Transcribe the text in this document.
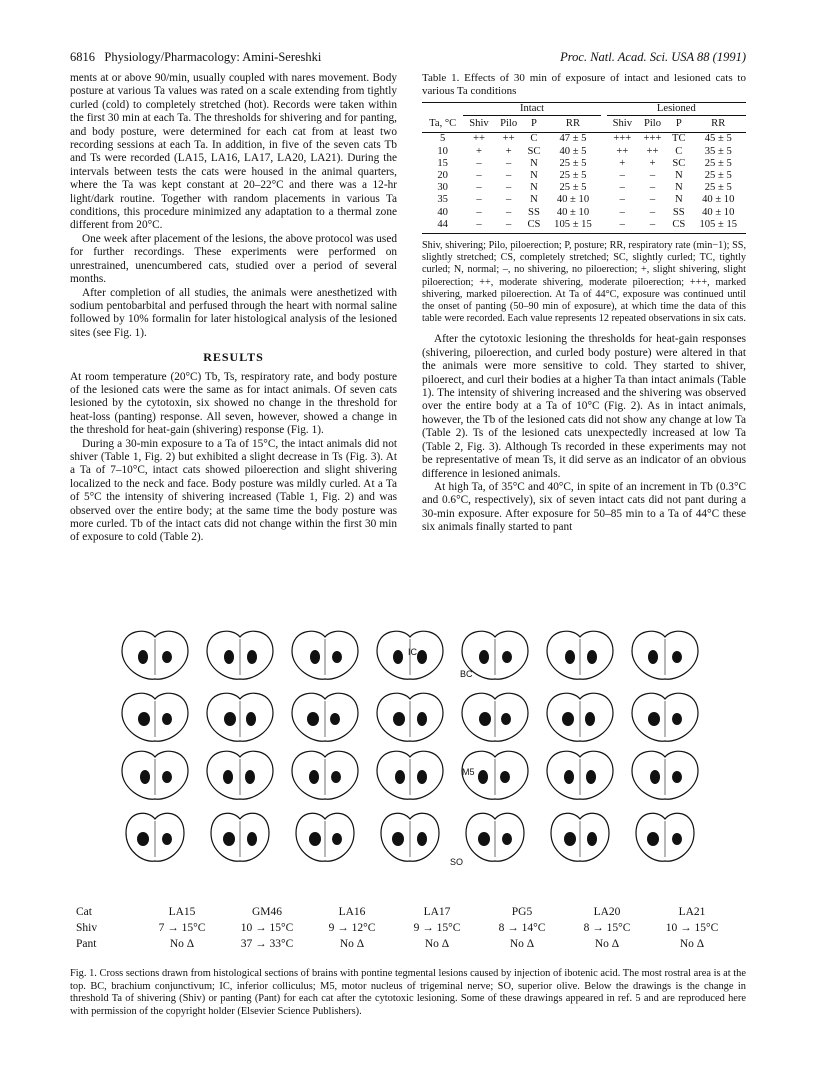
6816   Physiology/Pharmacology: Amini-Sereshki	Proc. Natl. Acad. Sci. USA 88 (1991)

ments at or above 90/min, usually coupled with nares movement. Body posture at various Ta values was rated on a scale extending from tightly curled (cold) to completely stretched (hot). Records were taken within the first 30 min at each Ta. The thresholds for shivering and for panting, and body posture, were determined for each cat from at least two recording sessions at each Ta. In addition, in five of the seven cats Tb and Ts were recorded (LA15, LA16, LA17, LA20, LA21). During the intervals between tests the cats were housed in the animal quarters, where the Ta was kept constant at 20–22°C and there was a 12-hr light/dark routine. Together with random placements in various Ta conditions, this procedure minimized any adaptation to a thermal zone different from 20°C.

One week after placement of the lesions, the above protocol was used for further recordings. These experiments were performed on unrestrained, unencumbered cats, studied over a period of several months.

After completion of all studies, the animals were anesthetized with sodium pentobarbital and perfused through the heart with normal saline followed by 10% formalin for later histological analysis of the lesioned sites (see Fig. 1).

RESULTS

At room temperature (20°C) Tb, Ts, respiratory rate, and body posture of the lesioned cats were the same as for intact animals. Of seven cats lesioned by the cytotoxin, six showed no change in the threshold for heat-loss (panting) response. All seven, however, showed a change in the threshold for heat-gain (shivering) response (Fig. 1).

During a 30-min exposure to a Ta of 15°C, the intact animals did not shiver (Table 1, Fig. 2) but exhibited a slight decrease in Ts (Fig. 3). At a Ta of 7–10°C, intact cats showed piloerection and slight shivering localized to the neck and face. Body posture was mildly curled. At a Ta of 5°C the intensity of shivering increased (Table 1, Fig. 2) and was observed over the entire body; at the same time the body posture was more curled. Tb of the intact cats did not change within the first 30 min of exposure to cold (Table 2).

Table 1. Effects of 30 min of exposure of intact and lesioned cats to various Ta conditions
	Intact					Lesioned			
Ta, °C	Shiv	Pilo	P	RR		Shiv	Pilo	P	RR
5	++	++	C	47 ± 5		+++	+++	TC	45 ± 5
10	+	+	SC	40 ± 5		++	++	C	35 ± 5
15	–	–	N	25 ± 5		+	+	SC	25 ± 5
20	–	–	N	25 ± 5		–	–	N	25 ± 5
30	–	–	N	25 ± 5		–	–	N	25 ± 5
35	–	–	N	40 ± 10		–	–	N	40 ± 10
40	–	–	SS	40 ± 10		–	–	SS	40 ± 10
44	–	–	CS	105 ± 15		–	–	CS	105 ± 15
Shiv, shivering; Pilo, piloerection; P, posture; RR, respiratory rate (min−1); SS, slightly stretched; CS, completely stretched; SC, slightly curled; TC, tightly curled; N, normal; –, no shivering, no piloerection; +, slight shivering, slight piloerection; ++, moderate shivering, moderate piloerection; +++, marked shivering, marked piloerection. At Ta of 44°C, exposure was continued until the onset of panting (50–90 min of exposure), at which time the data of this table were recorded. Each value represents 12 repeated observations in six cats.

After the cytotoxic lesioning the thresholds for heat-gain responses (shivering, piloerection, and curled body posture) were altered in that the animals were more sensitive to cold. They started to shiver, piloerect, and curl their bodies at a higher Ta than intact animals (Table 1). The intensity of shivering increased and the shivering was observed over the entire body at a Ta of 10°C (Fig. 2). As in intact animals, however, the Tb of the lesioned cats did not show any change at low Ta (Table 2). Ts of the lesioned cats unexpectedly increased at low Ta (Table 2, Fig. 3). Although Ts recorded in these experiments may not be representative of mean Ts, it did serve as an indicator of an obvious difference in lesioned animals.

At high Ta, of 35°C and 40°C, in spite of an increment in Tb (0.3°C and 0.6°C, respectively), six of seven intact cats did not pant during a 30-min exposure. After exposure for 50–85 min to a Ta of 44°C these six animals finally started to pant

IC
BC
M5
SO
Cat	LA15	GM46	LA16	LA17	PG5	LA20	LA21
Shiv	7 → 15°C	10 → 15°C	9 → 12°C	9 → 15°C	8 → 14°C	8 → 15°C	10 → 15°C
Pant	No Δ	37 → 33°C	No Δ	No Δ	No Δ	No Δ	No Δ
Fig. 1. Cross sections drawn from histological sections of brains with pontine tegmental lesions caused by injection of ibotenic acid. The most rostral area is at the top. BC, brachium conjunctivum; IC, inferior colliculus; M5, motor nucleus of trigeminal nerve; SO, superior olive. Below the drawings is the change in threshold Ta of shivering (Shiv) or panting (Pant) for each cat after the cytotoxic lesioning. Some of these drawings appeared in ref. 5 and are reproduced here with permission of the copyright holder (Elsevier Science Publishers).
